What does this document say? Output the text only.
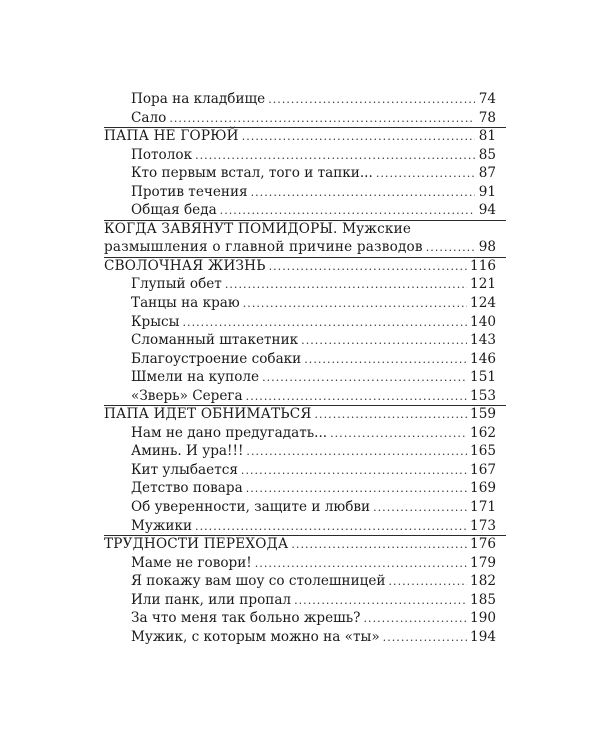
Пора на кладбище .....	74
Сало .....	78
ПАПА НЕ ГОРЮЙ .....	81
Потолок .....	85
Кто первым встал, того и тапки... .....	87
Против течения .....	91
Общая беда .....	94
КОГДА ЗАВЯНУТ ПОМИДОРЫ. Мужские
размышления о главной причине разводов .....	98
СВОЛОЧНАЯ ЖИЗНЬ .....	116
Глупый обет .....	121
Танцы на краю .....	124
Крысы .....	140
Сломанный штакетник .....	143
Благоустроение собаки .....	146
Шмели на куполе .....	151
«Зверь» Серега .....	153
ПАПА ИДЕТ ОБНИМАТЬСЯ .....	159
Нам не дано предугадать... .....	162
Аминь. И ура!!! .....	165
Кит улыбается .....	167
Детство повара .....	169
Об уверенности, защите и любви .....	171
Мужики .....	173
ТРУДНОСТИ ПЕРЕХОДА .....	176
Маме не говори! .....	179
Я покажу вам шоу со столешницей .....	182
Или панк, или пропал .....	185
За что меня так больно жрешь? .....	190
Мужик, с которым можно на «ты» .....	194
